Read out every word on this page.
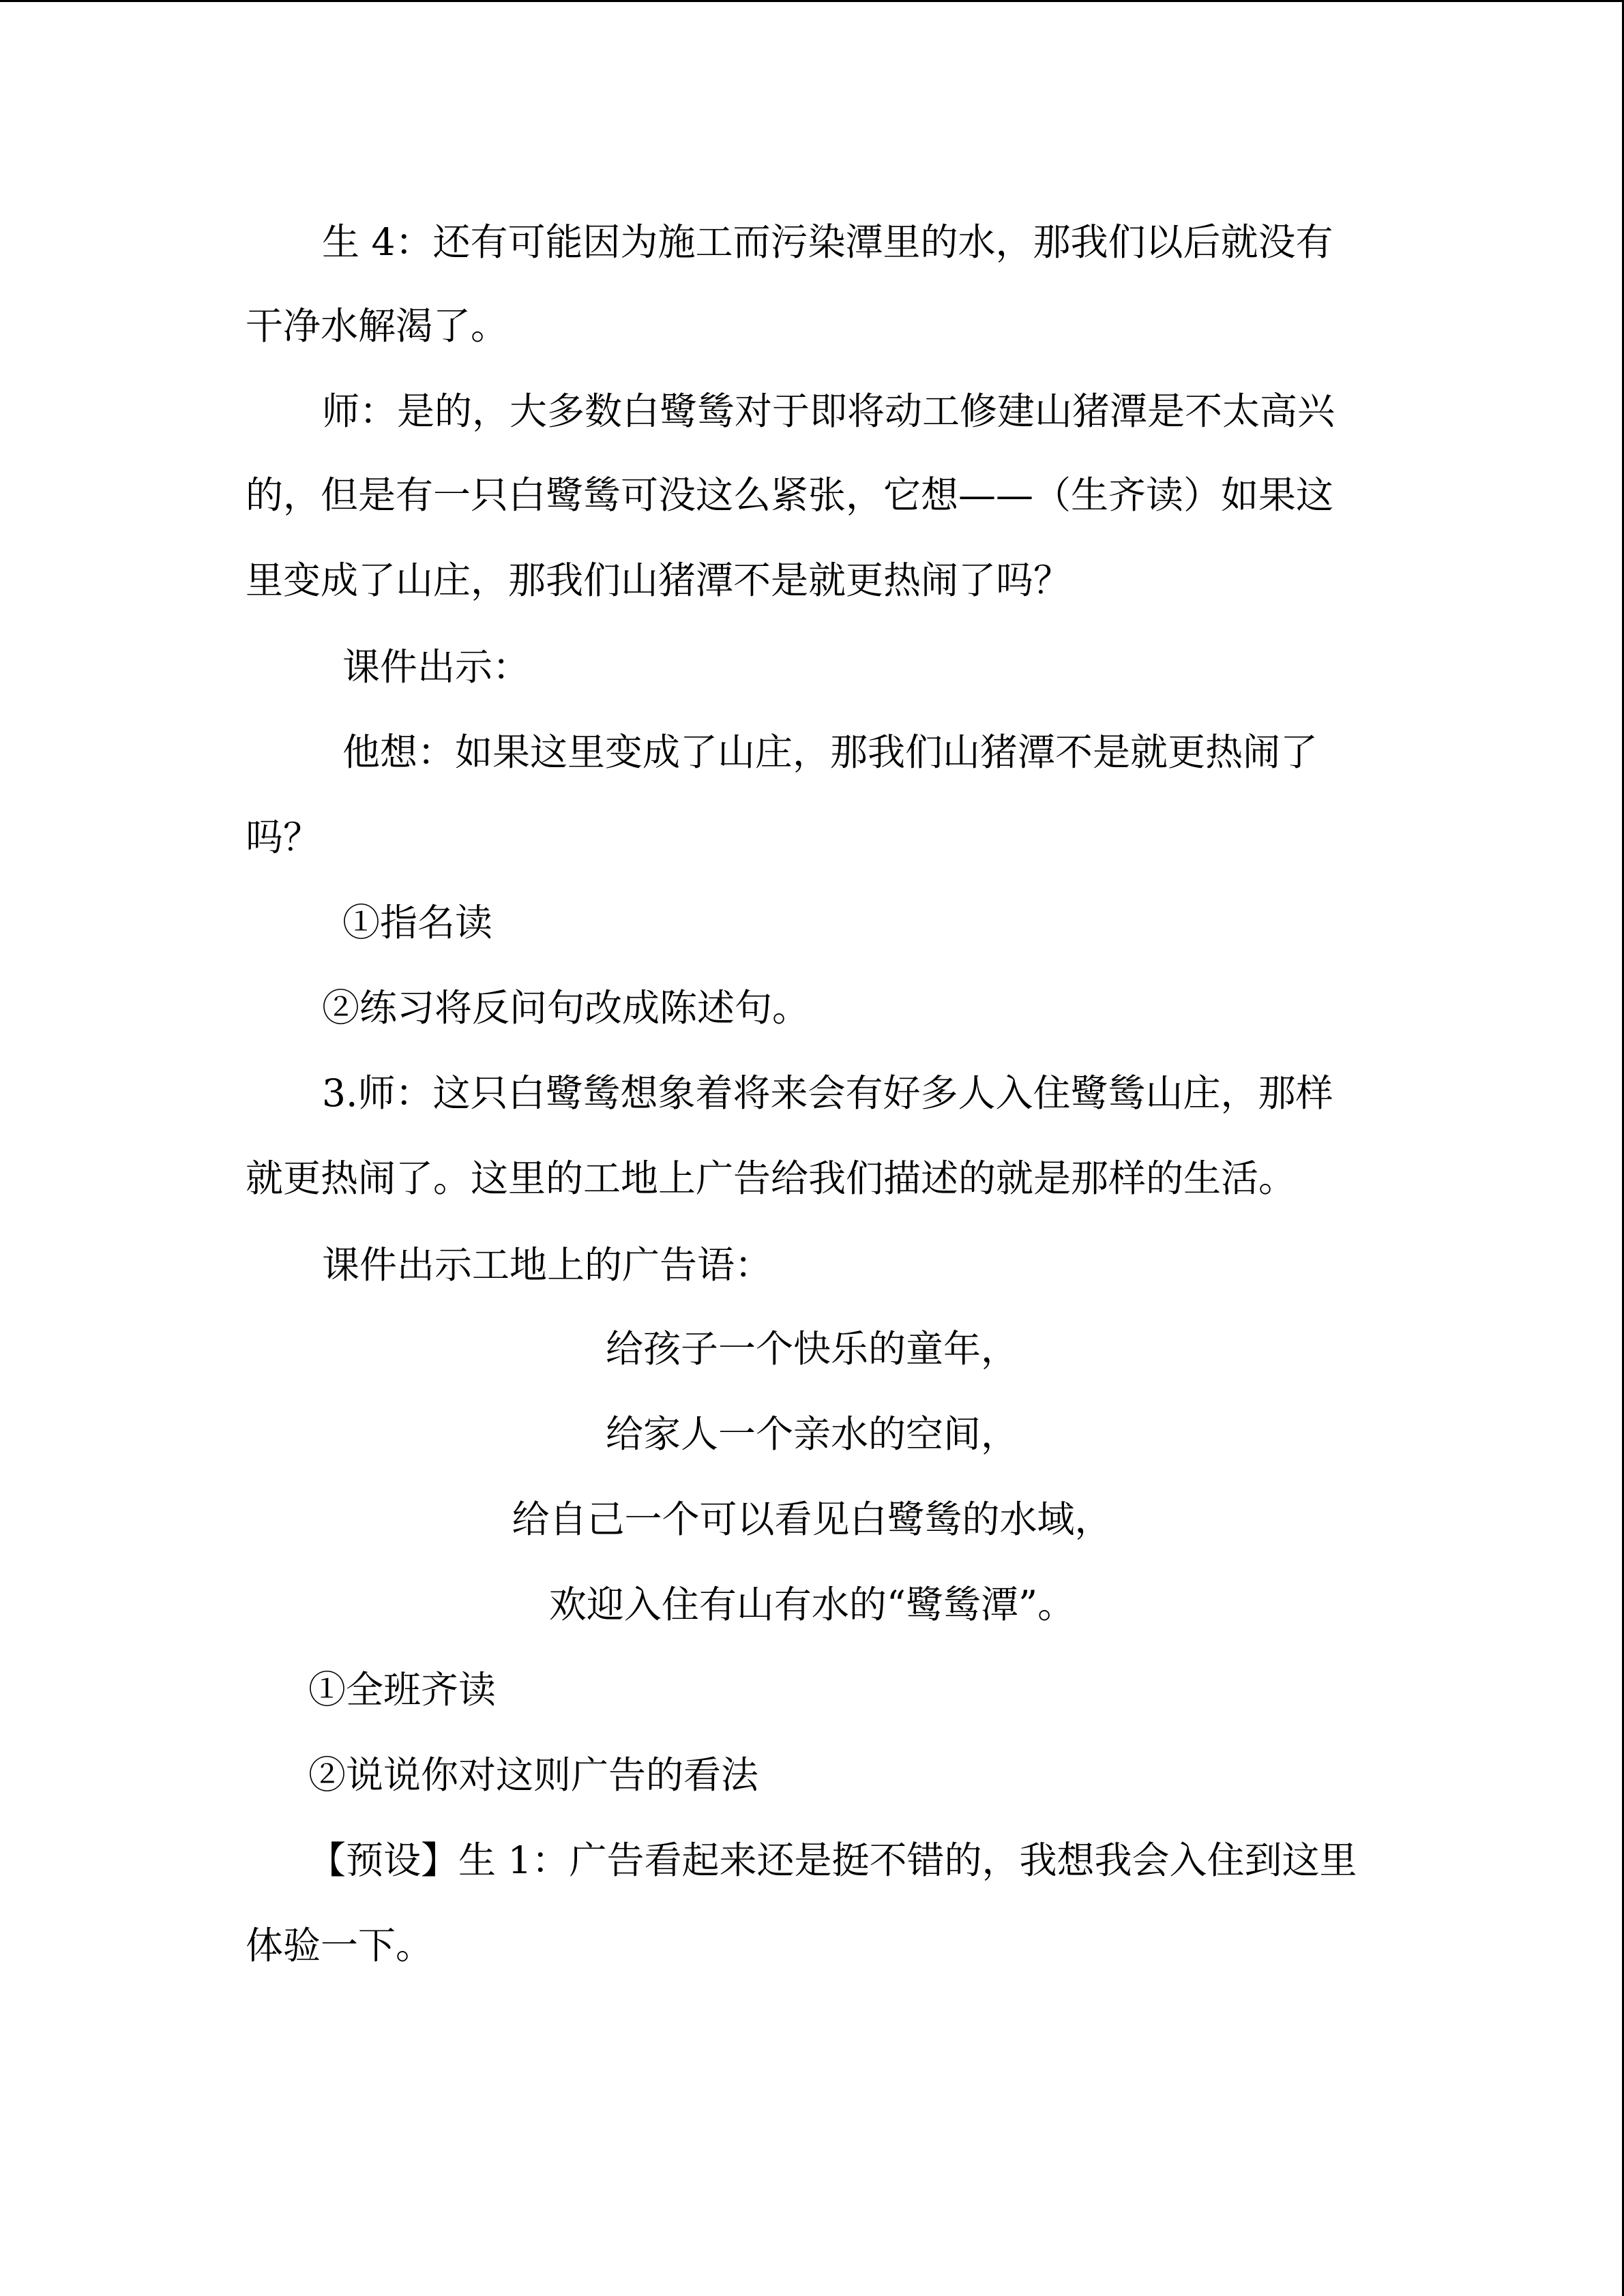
生 4：还有可能因为施工而污染潭里的水，那我们以后就没有
干净水解渴了。
师：是的，大多数白鹭鸶对于即将动工修建山猪潭是不太高兴
的，但是有一只白鹭鸶可没这么紧张，它想——（生齐读）如果这
里变成了山庄，那我们山猪潭不是就更热闹了吗？
课件出示：
他想：如果这里变成了山庄，那我们山猪潭不是就更热闹了
吗？
①指名读
②练习将反问句改成陈述句。
3.师：这只白鹭鸶想象着将来会有好多人入住鹭鸶山庄，那样
就更热闹了。这里的工地上广告给我们描述的就是那样的生活。
课件出示工地上的广告语：
给孩子一个快乐的童年，
给家人一个亲水的空间，
给自己一个可以看见白鹭鸶的水域，
欢迎入住有山有水的“鹭鸶潭”。
①全班齐读
②说说你对这则广告的看法
【预设】生 1：广告看起来还是挺不错的，我想我会入住到这里
体验一下。
